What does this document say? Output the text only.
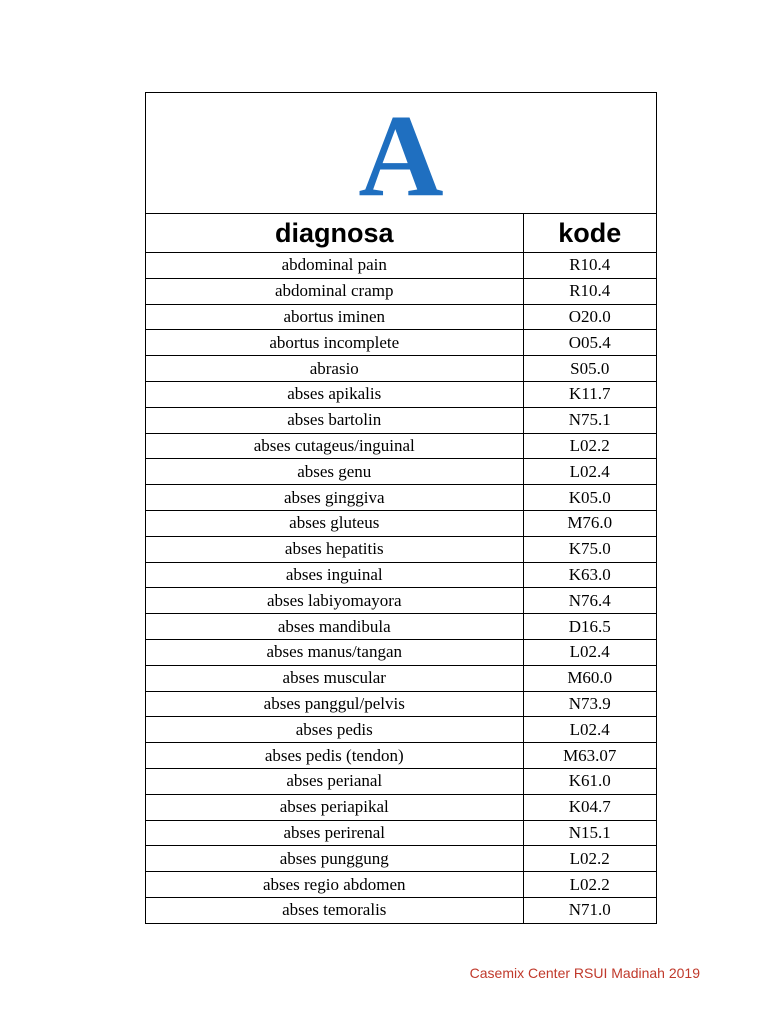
A
diagnosa	kode
abdominal pain	R10.4
abdominal cramp	R10.4
abortus iminen	O20.0
abortus incomplete	O05.4
abrasio	S05.0
abses apikalis	K11.7
abses bartolin	N75.1
abses cutageus/inguinal	L02.2
abses genu	L02.4
abses ginggiva	K05.0
abses gluteus	M76.0
abses hepatitis	K75.0
abses inguinal	K63.0
abses labiyomayora	N76.4
abses mandibula	D16.5
abses manus/tangan	L02.4
abses muscular	M60.0
abses panggul/pelvis	N73.9
abses pedis	L02.4
abses pedis (tendon)	M63.07
abses perianal	K61.0
abses periapikal	K04.7
abses perirenal	N15.1
abses punggung	L02.2
abses regio abdomen	L02.2
abses temoralis	N71.0
Casemix Center RSUI Madinah 2019
